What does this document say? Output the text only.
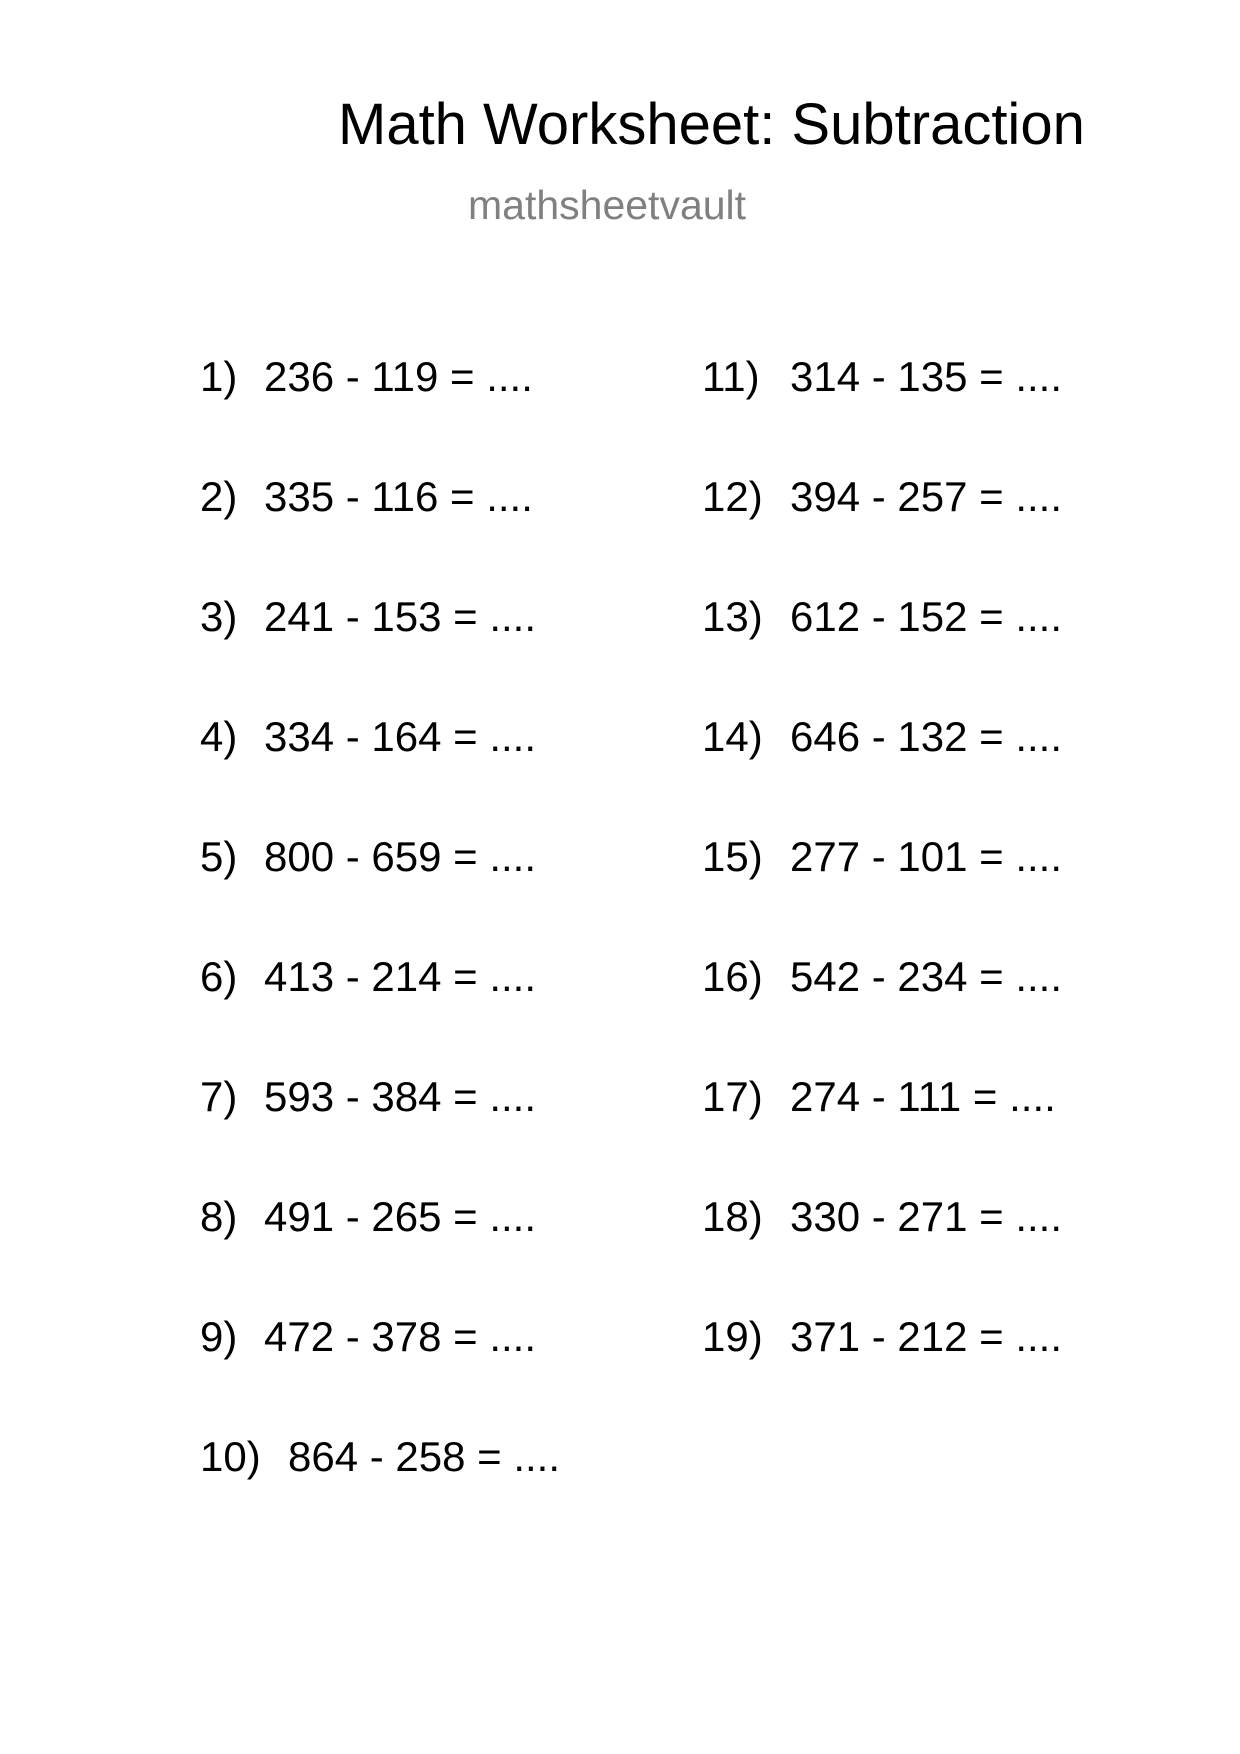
Math Worksheet: Subtraction
mathsheetvault
1) 236 - 119 = ....
2) 335 - 116 = ....
3) 241 - 153 = ....
4) 334 - 164 = ....
5) 800 - 659 = ....
6) 413 - 214 = ....
7) 593 - 384 = ....
8) 491 - 265 = ....
9) 472 - 378 = ....
10) 864 - 258 = ....
11) 314 - 135 = ....
12) 394 - 257 = ....
13) 612 - 152 = ....
14) 646 - 132 = ....
15) 277 - 101 = ....
16) 542 - 234 = ....
17) 274 - 111 = ....
18) 330 - 271 = ....
19) 371 - 212 = ....
